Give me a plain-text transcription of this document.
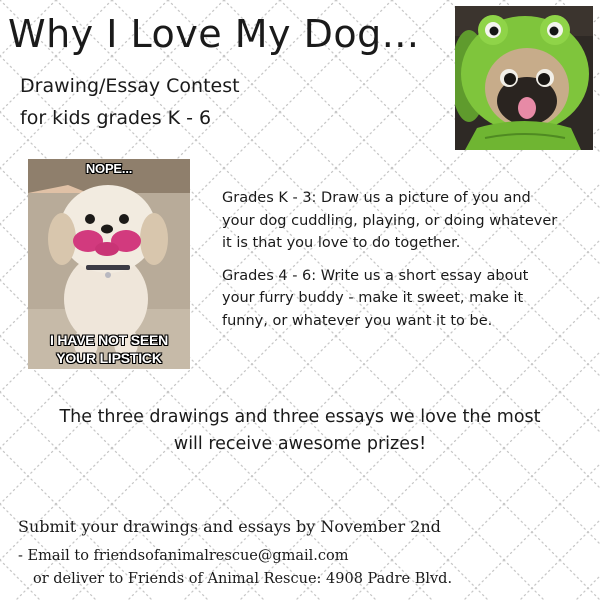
Why I Love My Dog...
Drawing/Essay Contest
for kids grades K - 6
NOPE...
I HAVE NOT SEEN
YOUR LIPSTICK

Grades K - 3: Draw us a picture of you and
your dog cuddling, playing, or doing whatever
it is that you love to do together.

Grades 4 - 6: Write us a short essay about
your furry buddy - make it sweet, make it
funny, or whatever you want it to be.

The three drawings and three essays we love the most
will receive awesome prizes!
Submit your drawings and essays by November 2nd
- Email to friendsofanimalrescue@gmail.com
or deliver to Friends of Animal Rescue: 4908 Padre Blvd.
